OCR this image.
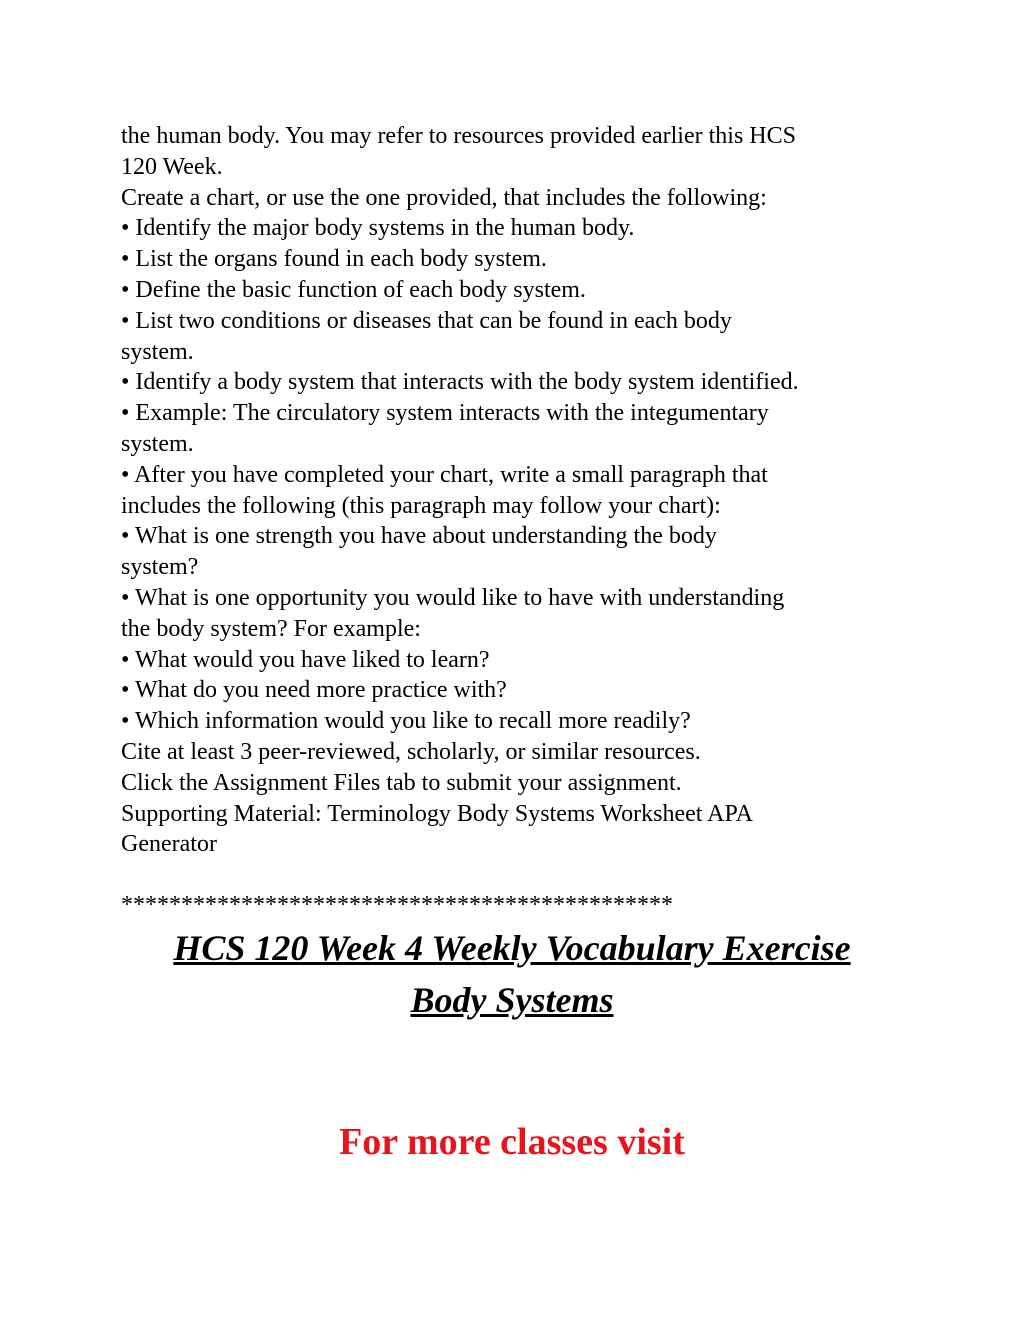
the human body. You may refer to resources provided earlier this HCS
120 Week.
Create a chart, or use the one provided, that includes the following:
• Identify the major body systems in the human body.
• List the organs found in each body system.
• Define the basic function of each body system.
• List two conditions or diseases that can be found in each body
system.
• Identify a body system that interacts with the body system identified.
• Example: The circulatory system interacts with the integumentary
system.
• After you have completed your chart, write a small paragraph that
includes the following (this paragraph may follow your chart):
• What is one strength you have about understanding the body
system?
• What is one opportunity you would like to have with understanding
the body system? For example:
• What would you have liked to learn?
• What do you need more practice with?
• Which information would you like to recall more readily?
Cite at least 3 peer-reviewed, scholarly, or similar resources.
Click the Assignment Files tab to submit your assignment.
Supporting Material: Terminology Body Systems Worksheet APA
Generator
**********************************************
HCS 120 Week 4 Weekly Vocabulary Exercise
Body Systems
For more classes visit
